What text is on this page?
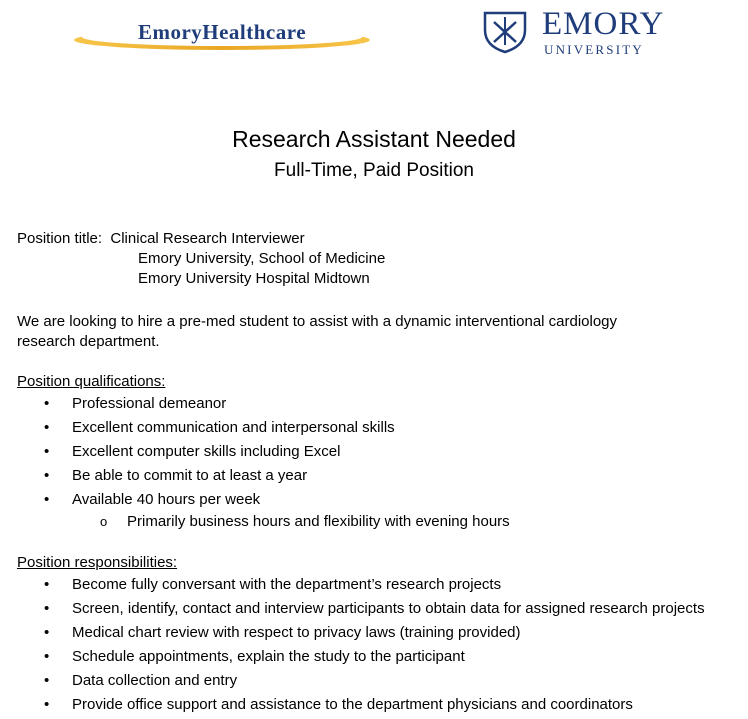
EmoryHealthcare	EMORY
UNIVERSITY
Research Assistant Needed
Full-Time, Paid Position
Position title: Clinical Research Interviewer
Emory University, School of Medicine
Emory University Hospital Midtown
We are looking to hire a pre-med student to assist with a dynamic interventional cardiology
research department.
Position qualifications:
• Professional demeanor
• Excellent communication and interpersonal skills
• Excellent computer skills including Excel
• Be able to commit to at least a year
• Available 40 hours per week
o Primarily business hours and flexibility with evening hours
Position responsibilities:
• Become fully conversant with the department’s research projects
• Screen, identify, contact and interview participants to obtain data for assigned research projects
• Medical chart review with respect to privacy laws (training provided)
• Schedule appointments, explain the study to the participant
• Data collection and entry
• Provide office support and assistance to the department physicians and coordinators
